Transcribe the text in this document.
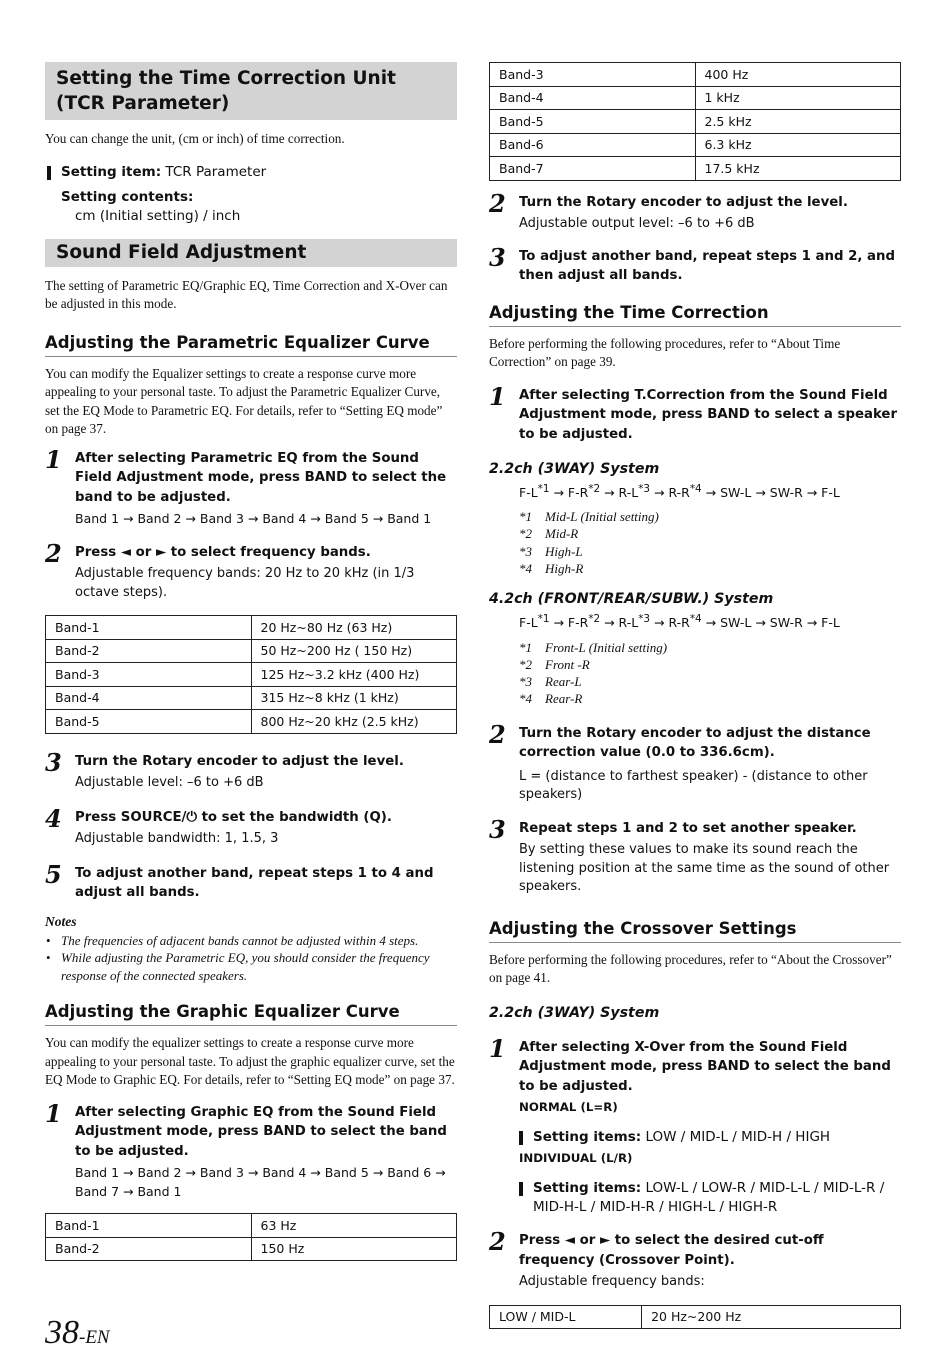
Setting the Time Correction Unit (TCR Parameter)

You can change the unit, (cm or inch) of time correction.

Setting item: TCR Parameter
Setting contents:
cm (Initial setting) / inch
Sound Field Adjustment

The setting of Parametric EQ/Graphic EQ, Time Correction and X-Over can be adjusted in this mode.

Adjusting the Parametric Equalizer Curve

You can modify the Equalizer settings to create a response curve more appealing to your personal taste. To adjust the Parametric Equalizer Curve, set the EQ Mode to Parametric EQ. For details, refer to “Setting EQ mode” on page 37.

1 After selecting Parametric EQ from the Sound Field Adjustment mode, press BAND to select the band to be adjusted.
Band 1 → Band 2 → Band 3 → Band 4 → Band 5 → Band 1
2 Press ◄ or ► to select frequency bands.
Adjustable frequency bands: 20 Hz to 20 kHz (in 1/3 octave steps).
Band-1	20 Hz~80 Hz (63 Hz)
Band-2	50 Hz~200 Hz ( 150 Hz)
Band-3	125 Hz~3.2 kHz (400 Hz)
Band-4	315 Hz~8 kHz (1 kHz)
Band-5	800 Hz~20 kHz (2.5 kHz)
3 Turn the Rotary encoder to adjust the level.
Adjustable level: –6 to +6 dB
4 Press SOURCE/⏻ to set the bandwidth (Q).
Adjustable bandwidth: 1, 1.5, 3
5 To adjust another band, repeat steps 1 to 4 and adjust all bands.
Notes
• The frequencies of adjacent bands cannot be adjusted within 4 steps.
• While adjusting the Parametric EQ, you should consider the frequency response of the connected speakers.
Adjusting the Graphic Equalizer Curve

You can modify the equalizer settings to create a response curve more appealing to your personal taste. To adjust the graphic equalizer curve, set the EQ Mode to Graphic EQ. For details, refer to “Setting EQ mode” on page 37.

1 After selecting Graphic EQ from the Sound Field Adjustment mode, press BAND to select the band to be adjusted.
Band 1 → Band 2 → Band 3 → Band 4 → Band 5 → Band 6 → Band 7 → Band 1
Band-1	63 Hz
Band-2	150 Hz
Band-3	400 Hz
Band-4	1 kHz
Band-5	2.5 kHz
Band-6	6.3 kHz
Band-7	17.5 kHz
2 Turn the Rotary encoder to adjust the level.
Adjustable output level: –6 to +6 dB
3 To adjust another band, repeat steps 1 and 2, and then adjust all bands.
Adjusting the Time Correction

Before performing the following procedures, refer to “About Time Correction” on page 39.

1 After selecting T.Correction from the Sound Field Adjustment mode, press BAND to select a speaker to be adjusted.
2.2ch (3WAY) System
$F-L^{*1} \to F-R^{*2} \to R-L^{*3} \to R-R^{*4} \to SW-L \to SW-R \to F-L$
*1 Mid-L (Initial setting)
*2 Mid-R
*3 High-L
*4 High-R
4.2ch (FRONT/REAR/SUBW.) System
$F-L^{*1} \to F-R^{*2} \to R-L^{*3} \to R-R^{*4} \to SW-L \to SW-R \to F-L$
*1 Front-L (Initial setting)
*2 Front -R
*3 Rear-L
*4 Rear-R
2 Turn the Rotary encoder to adjust the distance correction value (0.0 to 336.6cm).
L = (distance to farthest speaker) - (distance to other speakers)
3 Repeat steps 1 and 2 to set another speaker.
By setting these values to make its sound reach the listening position at the same time as the sound of other speakers.
Adjusting the Crossover Settings

Before performing the following procedures, refer to “About the Crossover” on page 41.

2.2ch (3WAY) System
1 After selecting X-Over from the Sound Field Adjustment mode, press BAND to select the band to be adjusted.
NORMAL (L=R)
Setting items: LOW / MID-L / MID-H / HIGH
INDIVIDUAL (L/R)
Setting items: LOW-L / LOW-R / MID-L-L / MID-L-R / MID-H-L / MID-H-R / HIGH-L / HIGH-R
2 Press ◄ or ► to select the desired cut-off frequency (Crossover Point).
Adjustable frequency bands:
LOW / MID-L	20 Hz~200 Hz
38-EN
